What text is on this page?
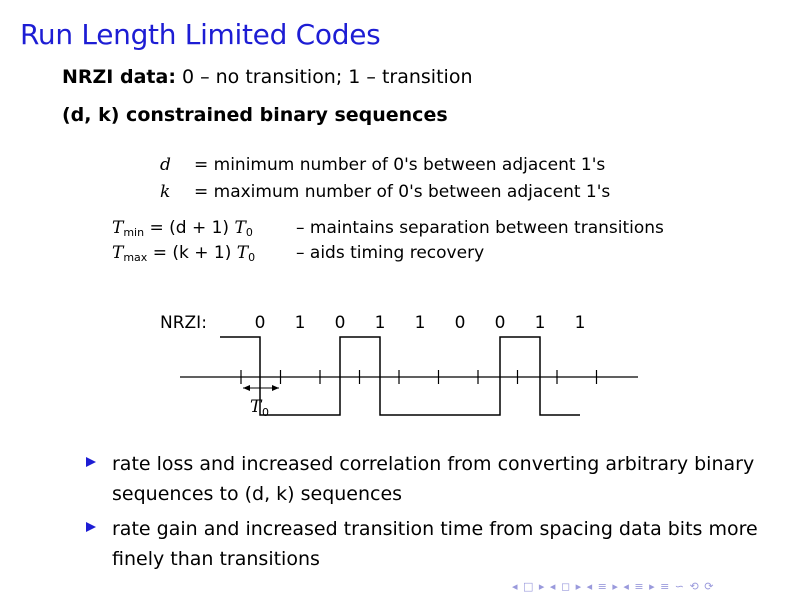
Run Length Limited Codes
NRZI data: 0 – no transition; 1 – transition
(d, k) constrained binary sequences
d = minimum number of 0's between adjacent 1's
k = maximum number of 0's between adjacent 1's
$T_{min} = (d + 1)$ $T_0$	– maintains separation between transitions
$T_{max} = (k + 1)$ $T_0$ – aids timing recovery
NRZI:	0 1 0 1 1 0 0 1 1
T 0
rate loss and increased correlation from converting arbitrary binary sequences to (d, k) sequences
rate gain and increased transition time from spacing data bits more finely than transitions
◂ □ ▸ ◂ ◻ ▸ ◂ ≡ ▸ ◂ ≡ ▸ ≡ ∽ ⟲ ⟳
